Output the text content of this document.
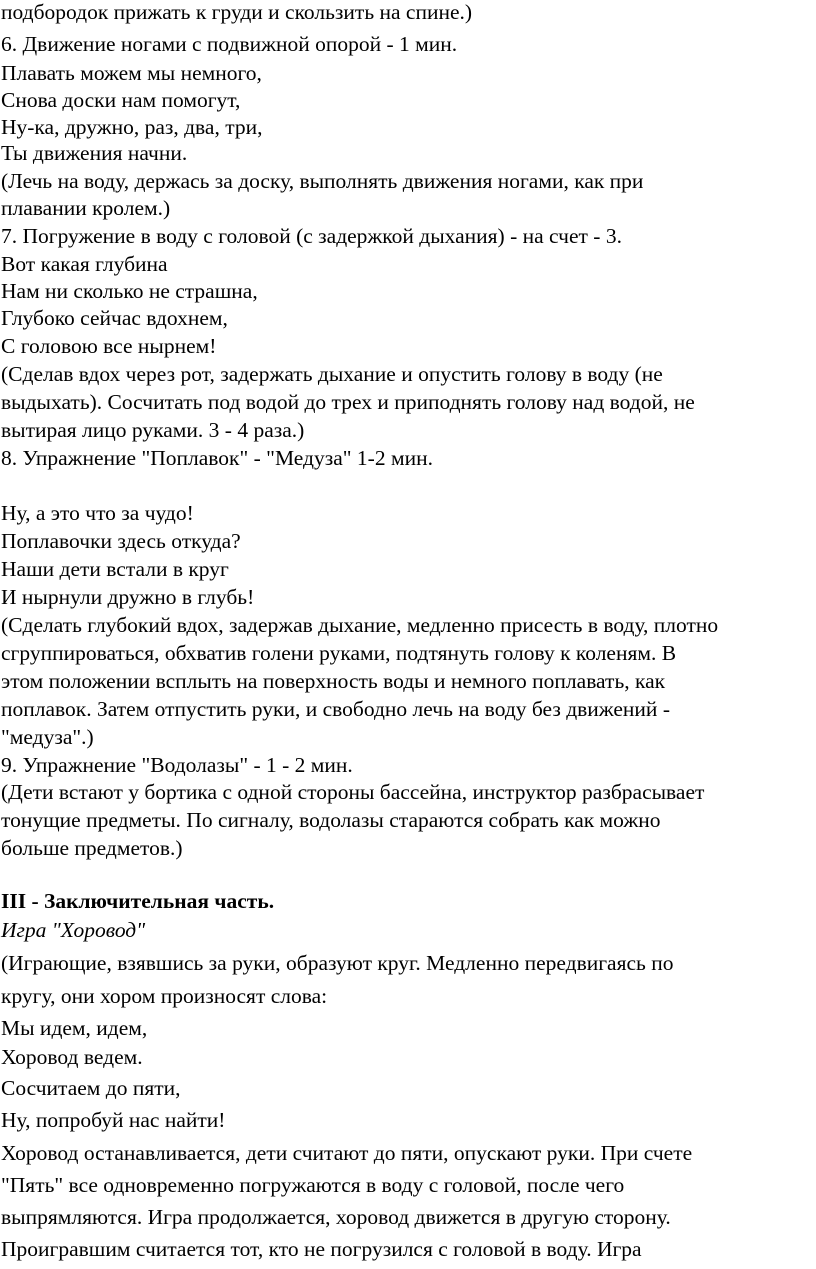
подбородок прижать к груди и скользить на спине.)
6. Движение ногами с подвижной опорой - 1 мин.
Плавать можем мы немного,
Снова доски нам помогут,
Ну-ка, дружно, раз, два, три,
Ты движения начни.
(Лечь на воду, держась за доску, выполнять движения ногами, как при
плавании кролем.)
7. Погружение в воду с головой (с задержкой дыхания) - на счет - 3.
Вот какая глубина
Нам ни сколько не страшна,
Глубоко сейчас вдохнем,
С головою все нырнем!
(Сделав вдох через рот, задержать дыхание и опустить голову в воду (не
выдыхать). Сосчитать под водой до трех и приподнять голову над водой, не
вытирая лицо руками. 3 - 4 раза.)
8. Упражнение "Поплавок" - "Медуза" 1-2 мин.
Ну, а это что за чудо!
Поплавочки здесь откуда?
Наши дети встали в круг
И нырнули дружно в глубь!
(Сделать глубокий вдох, задержав дыхание, медленно присесть в воду, плотно
сгруппироваться, обхватив голени руками, подтянуть голову к коленям. В
этом положении всплыть на поверхность воды и немного поплавать, как
поплавок. Затем отпустить руки, и свободно лечь на воду без движений -
"медуза".)
9. Упражнение "Водолазы" - 1 - 2 мин.
(Дети встают у бортика с одной стороны бассейна, инструктор разбрасывает
тонущие предметы. По сигналу, водолазы стараются собрать как можно
больше предметов.)
III - Заключительная часть.
Игра "Хоровод"
(Играющие, взявшись за руки, образуют круг. Медленно передвигаясь по
кругу, они хором произносят слова:
Мы идем, идем,
Хоровод ведем.
Сосчитаем до пяти,
Ну, попробуй нас найти!
Хоровод останавливается, дети считают до пяти, опускают руки. При счете
"Пять" все одновременно погружаются в воду с головой, после чего
выпрямляются. Игра продолжается, хоровод движется в другую сторону.
Проигравшим считается тот, кто не погрузился с головой в воду. Игра
